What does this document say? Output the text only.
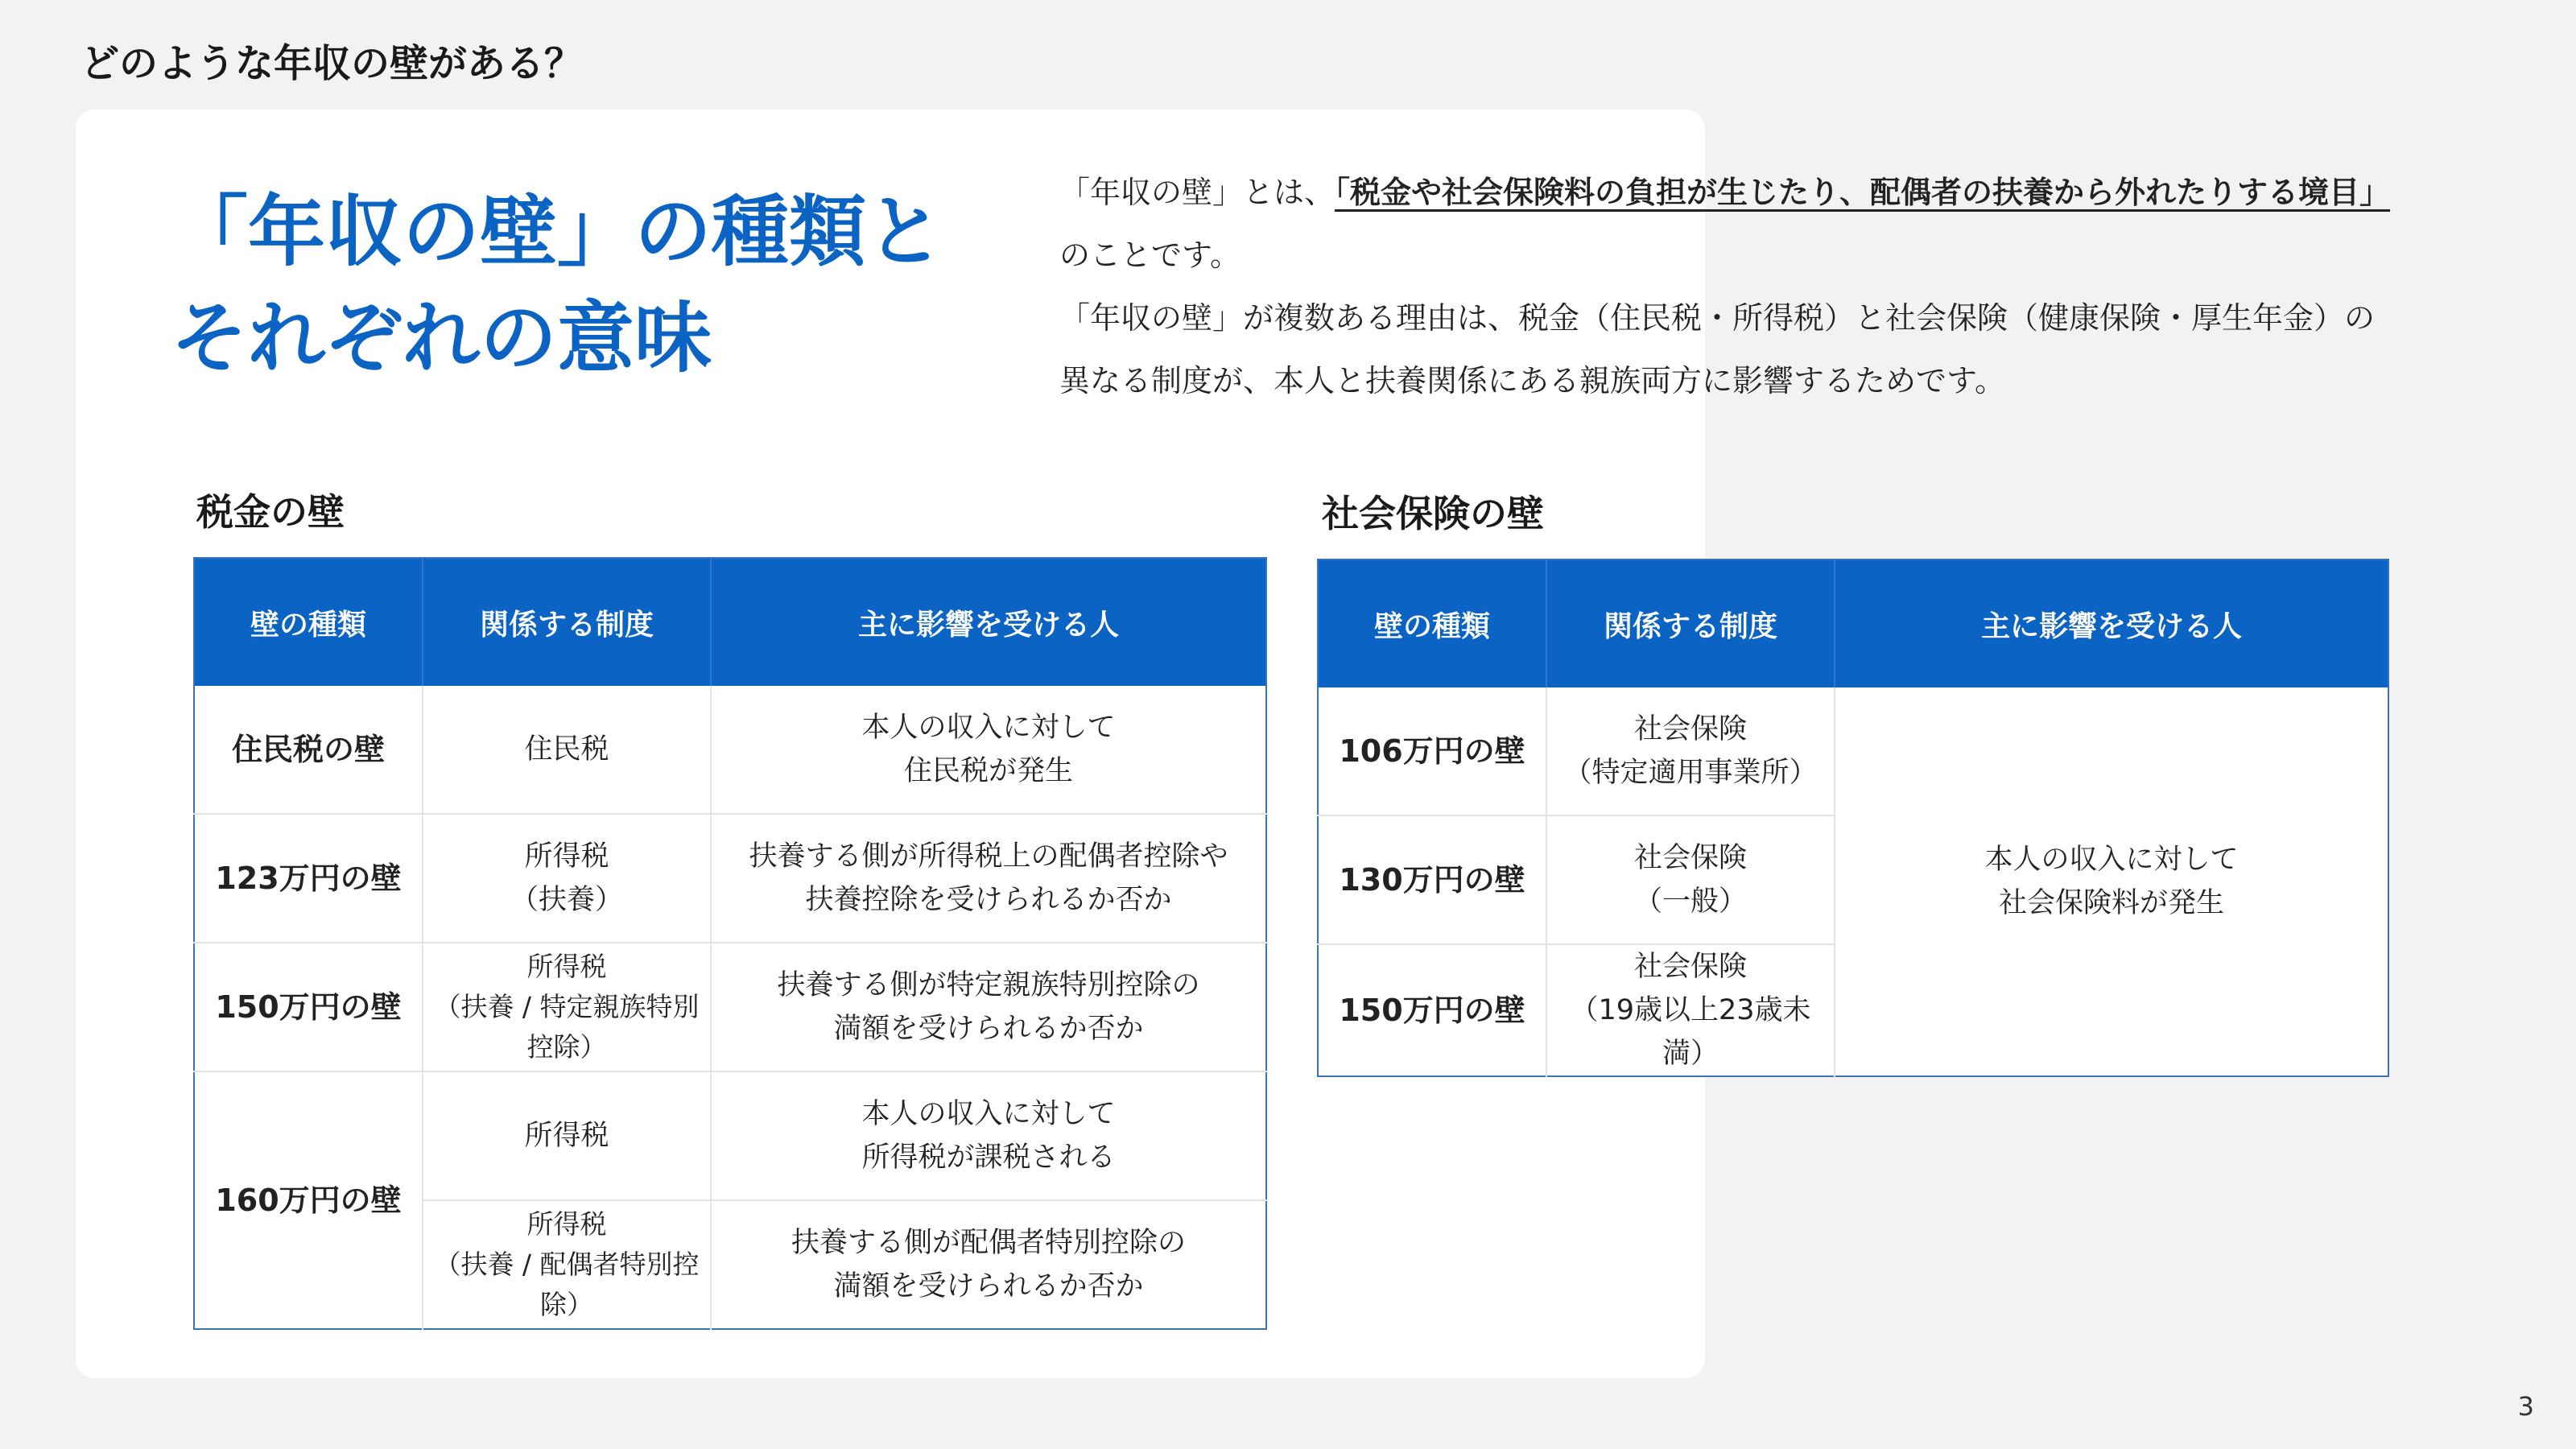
どのような年収の壁がある？
「年収の壁」の種類と
それぞれの意味
「年収の壁」とは、「税金や社会保険料の負担が生じたり、配偶者の扶養から外れたりする境目」のことです。
「年収の壁」が複数ある理由は、税金（住民税・所得税）と社会保険（健康保険・厚生年金）の異なる制度が、本人と扶養関係にある親族両方に影響するためです。
税金の壁	社会保険の壁
壁の種類	関係する制度	主に影響を受ける人
住民税の壁	住民税	本人の収入に対して
住民税が発生
123万円の壁	所得税
（扶養）	扶養する側が所得税上の配偶者控除や
扶養控除を受けられるか否か
150万円の壁	所得税
（扶養 / 特定親族特別
控除）	扶養する側が特定親族特別控除の
満額を受けられるか否か
160万円の壁	所得税	本人の収入に対して
所得税が課税される
	所得税
（扶養 / 配偶者特別控
除）	扶養する側が配偶者特別控除の
満額を受けられるか否か
壁の種類	関係する制度	主に影響を受ける人
106万円の壁	社会保険
（特定適用事業所）	本人の収入に対して
社会保険料が発生
130万円の壁	社会保険
（一般）	
150万円の壁	社会保険
（19歳以上23歳未満）	
3
